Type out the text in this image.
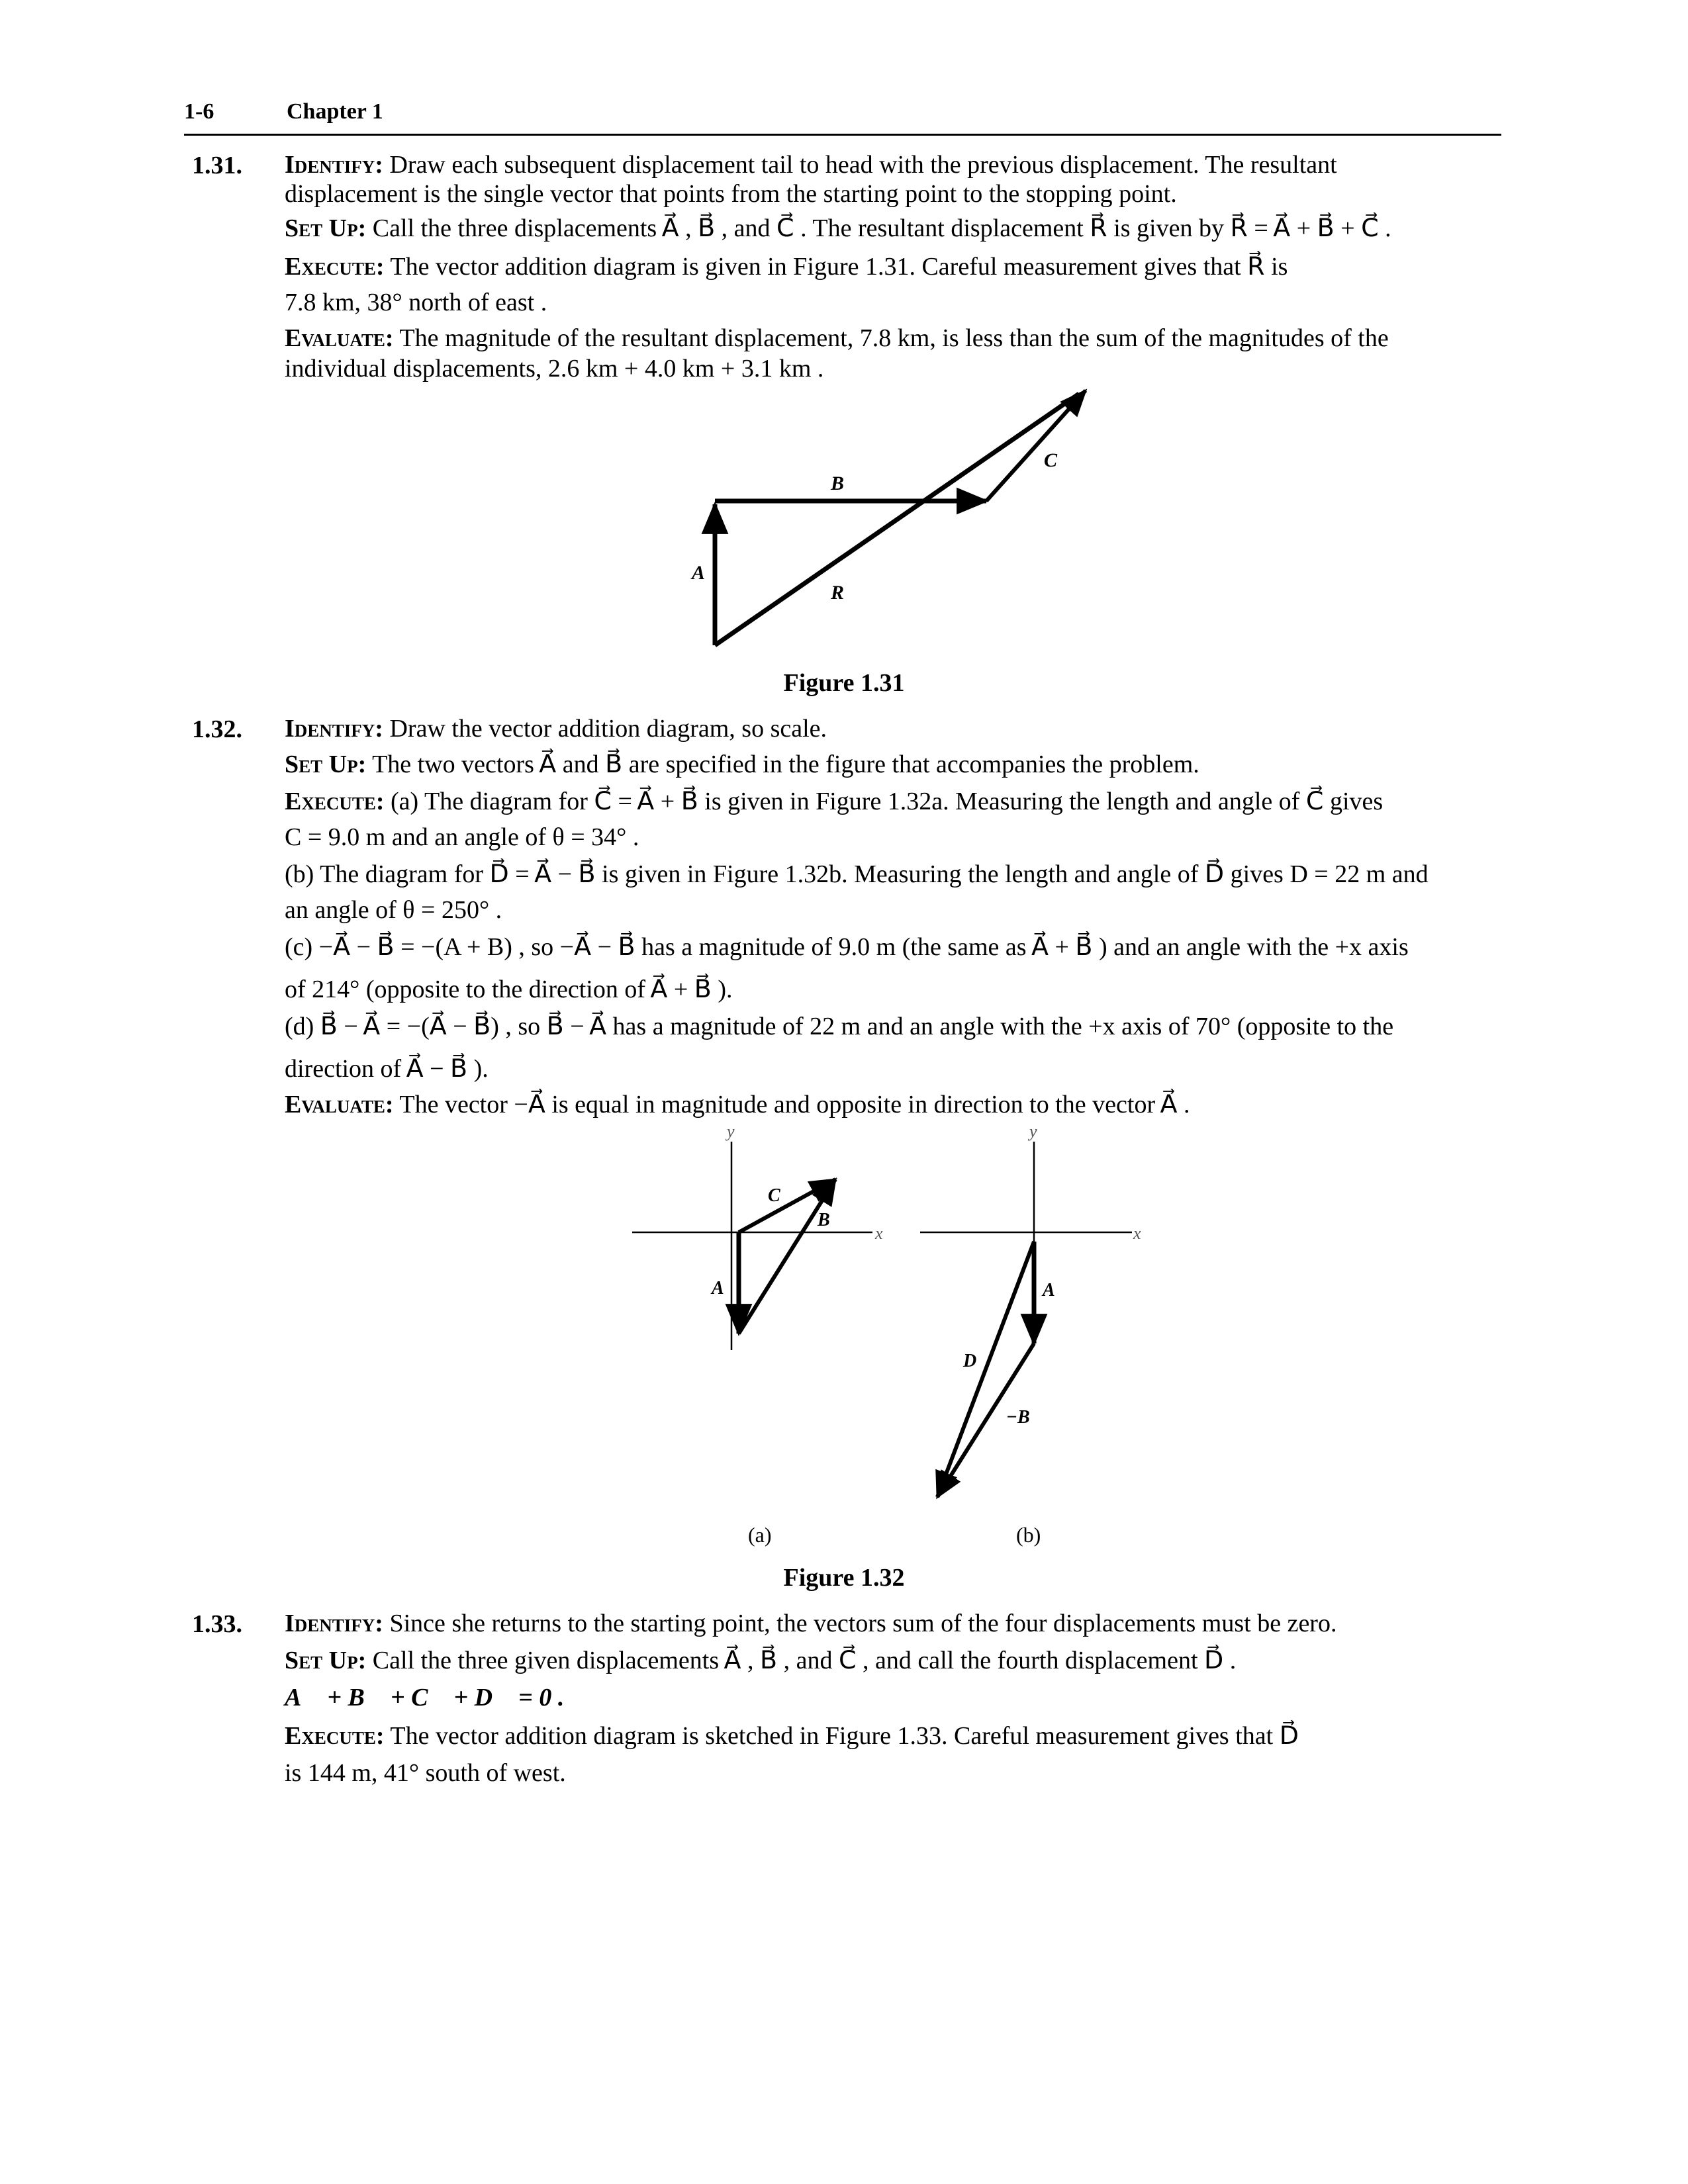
1-6	Chapter 1
1.31. Identify: Draw each subsequent displacement tail to head with the previous displacement. The resultant
displacement is the single vector that points from the starting point to the stopping point.
Set Up: Call the three displacements A⃗ , B⃗ , and C⃗ . The resultant displacement R⃗ is given by R⃗ = A⃗ + B⃗ + C⃗ .
Execute: The vector addition diagram is given in Figure 1.31. Careful measurement gives that R⃗ is
7.8 km, 38° north of east .
Evaluate: The magnitude of the resultant displacement, 7.8 km, is less than the sum of the magnitudes of the
individual displacements, 2.6 km + 4.0 km + 3.1 km .
B⃗
A⃗
C⃗
R⃗
Figure 1.31
1.32. Identify: Draw the vector addition diagram, so scale.
Set Up: The two vectors A⃗ and B⃗ are specified in the figure that accompanies the problem.
Execute: (a) The diagram for C⃗ = A⃗ + B⃗ is given in Figure 1.32a. Measuring the length and angle of C⃗ gives
C = 9.0 m and an angle of θ = 34° .
(b) The diagram for D⃗ = A⃗ − B⃗ is given in Figure 1.32b. Measuring the length and angle of D⃗ gives D = 22 m and
an angle of θ = 250° .
(c) −A⃗ − B⃗ = −(A + B) , so −A⃗ − B⃗ has a magnitude of 9.0 m (the same as A⃗ + B⃗ ) and an angle with the +x axis
of 214° (opposite to the direction of A⃗ + B⃗ ).
(d) B⃗ − A⃗ = −(A⃗ − B⃗) , so B⃗ − A⃗ has a magnitude of 22 m and an angle with the +x axis of 70° (opposite to the
direction of A⃗ − B⃗ ).
Evaluate: The vector −A⃗ is equal in magnitude and opposite in direction to the vector A⃗ .
y
x
C⃗
B⃗
A⃗
(a)
y
x
A⃗
D⃗
−B⃗
(b)
Figure 1.32
1.33. Identify: Since she returns to the starting point, the vectors sum of the four displacements must be zero.
Set Up: Call the three given displacements A⃗ , B⃗ , and C⃗ , and call the fourth displacement D⃗ .
A⃗ + B⃗ + C⃗ + D⃗ = 0 .
Execute: The vector addition diagram is sketched in Figure 1.33. Careful measurement gives that D⃗
is 144 m, 41° south of west.
